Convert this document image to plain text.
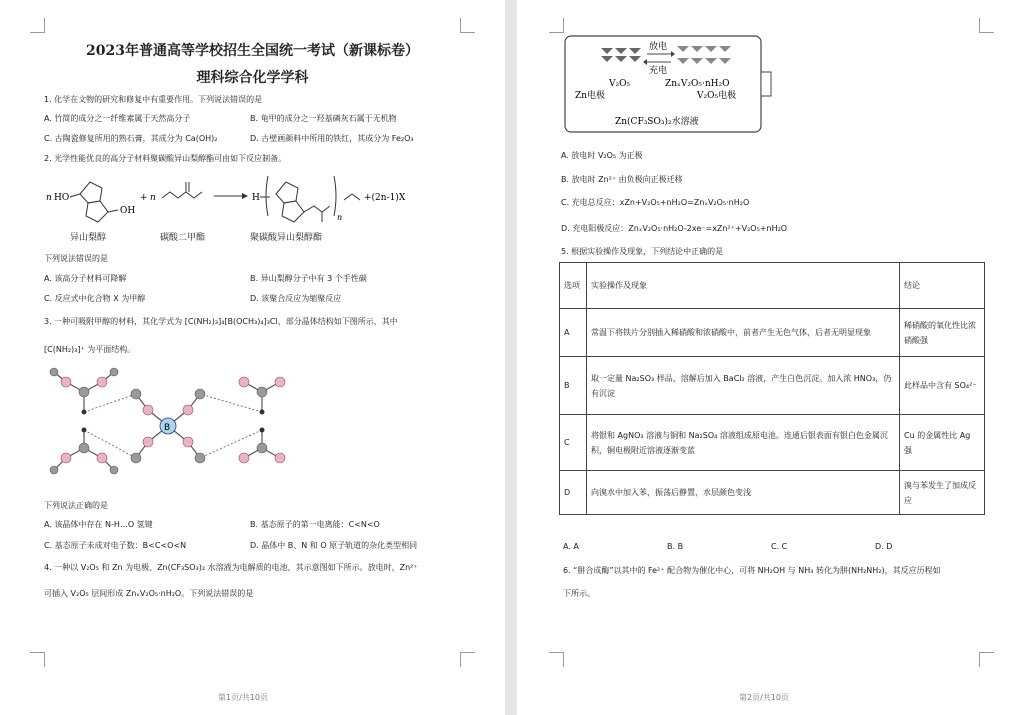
2023年普通高等学校招生全国统一考试（新课标卷）
理科综合化学学科
1. 化学在文物的研究和修复中有重要作用。下列说法错误的是
A. 竹简的成分之一纤维素属于天然高分子	B. 龟甲的成分之一羟基磷灰石属于无机物
C. 古陶瓷修复所用的熟石膏，其成分为 Ca(OH)₂	D. 古壁画颜料中所用的铁红，其成分为 Fe₂O₃
2. 光学性能优良的高分子材料聚碳酸异山梨醇酯可由如下反应制备。
n HO
OH
+ n	H
n
+(2n-1)X
异山梨醇	碳酸二甲酯	聚碳酸异山梨醇酯
下列说法错误的是
A. 该高分子材料可降解	B. 异山梨醇分子中有 3 个手性碳
C. 反应式中化合物 X 为甲醇	D. 该聚合反应为缩聚反应
3. 一种可吸附甲醇的材料，其化学式为 [C(NH₂)₃]₄[B(OCH₃)₄]₃Cl，部分晶体结构如下图所示，其中
[C(NH₂)₃]⁺ 为平面结构。
B
下列说法正确的是
A. 该晶体中存在 N-H…O 氢键	B. 基态原子的第一电离能：C<N<O
C. 基态原子未成对电子数：B<C<O<N	D. 晶体中 B、N 和 O 原子轨道的杂化类型相同
4. 一种以 V₂O₅ 和 Zn 为电极、Zn(CF₃SO₃)₂ 水溶液为电解质的电池，其示意图如下所示。放电时，Zn²⁺
可插入 V₂O₅ 层间形成 ZnₓV₂O₅·nH₂O。下列说法错误的是
第1页/共10页
放电
充电
V₂O₅	ZnₓV₂O₅·nH₂O
Zn电极	V₂O₅电极
Zn(CF₃SO₃)₂水溶液
A. 放电时 V₂O₅ 为正极
B. 放电时 Zn²⁺ 由负极向正极迁移
C. 充电总反应：xZn+V₂O₅+nH₂O=ZnₓV₂O₅·nH₂O
D. 充电阳极反应：ZnₓV₂O₅·nH₂O-2xe⁻=xZn²⁺+V₂O₅+nH₂O
5. 根据实验操作及现象，下列结论中正确的是
选项	实验操作及现象	结论
A	常温下将铁片分别插入稀硝酸和浓硝酸中，前者产生无色气体，后者无明显现象	稀硝酸的氧化性比浓硝酸强
B	取一定量 Na₂SO₃ 样品，溶解后加入 BaCl₂ 溶液，产生白色沉淀。加入浓 HNO₃，仍有沉淀	此样品中含有 SO₄²⁻
C	将银和 AgNO₃ 溶液与铜和 Na₂SO₄ 溶液组成原电池。连通后银表面有银白色金属沉积，铜电极附近溶液逐渐变蓝	Cu 的金属性比 Ag 强
D	向溴水中加入苯，振荡后静置，水层颜色变浅	溴与苯发生了加成反应
A. A	B. B	C. C	D. D
6. “肼合成酶”以其中的 Fe²⁺ 配合物为催化中心，可将 NH₂OH 与 NH₃ 转化为肼(NH₂NH₂)，其反应历程如
下所示。
第2页/共10页
